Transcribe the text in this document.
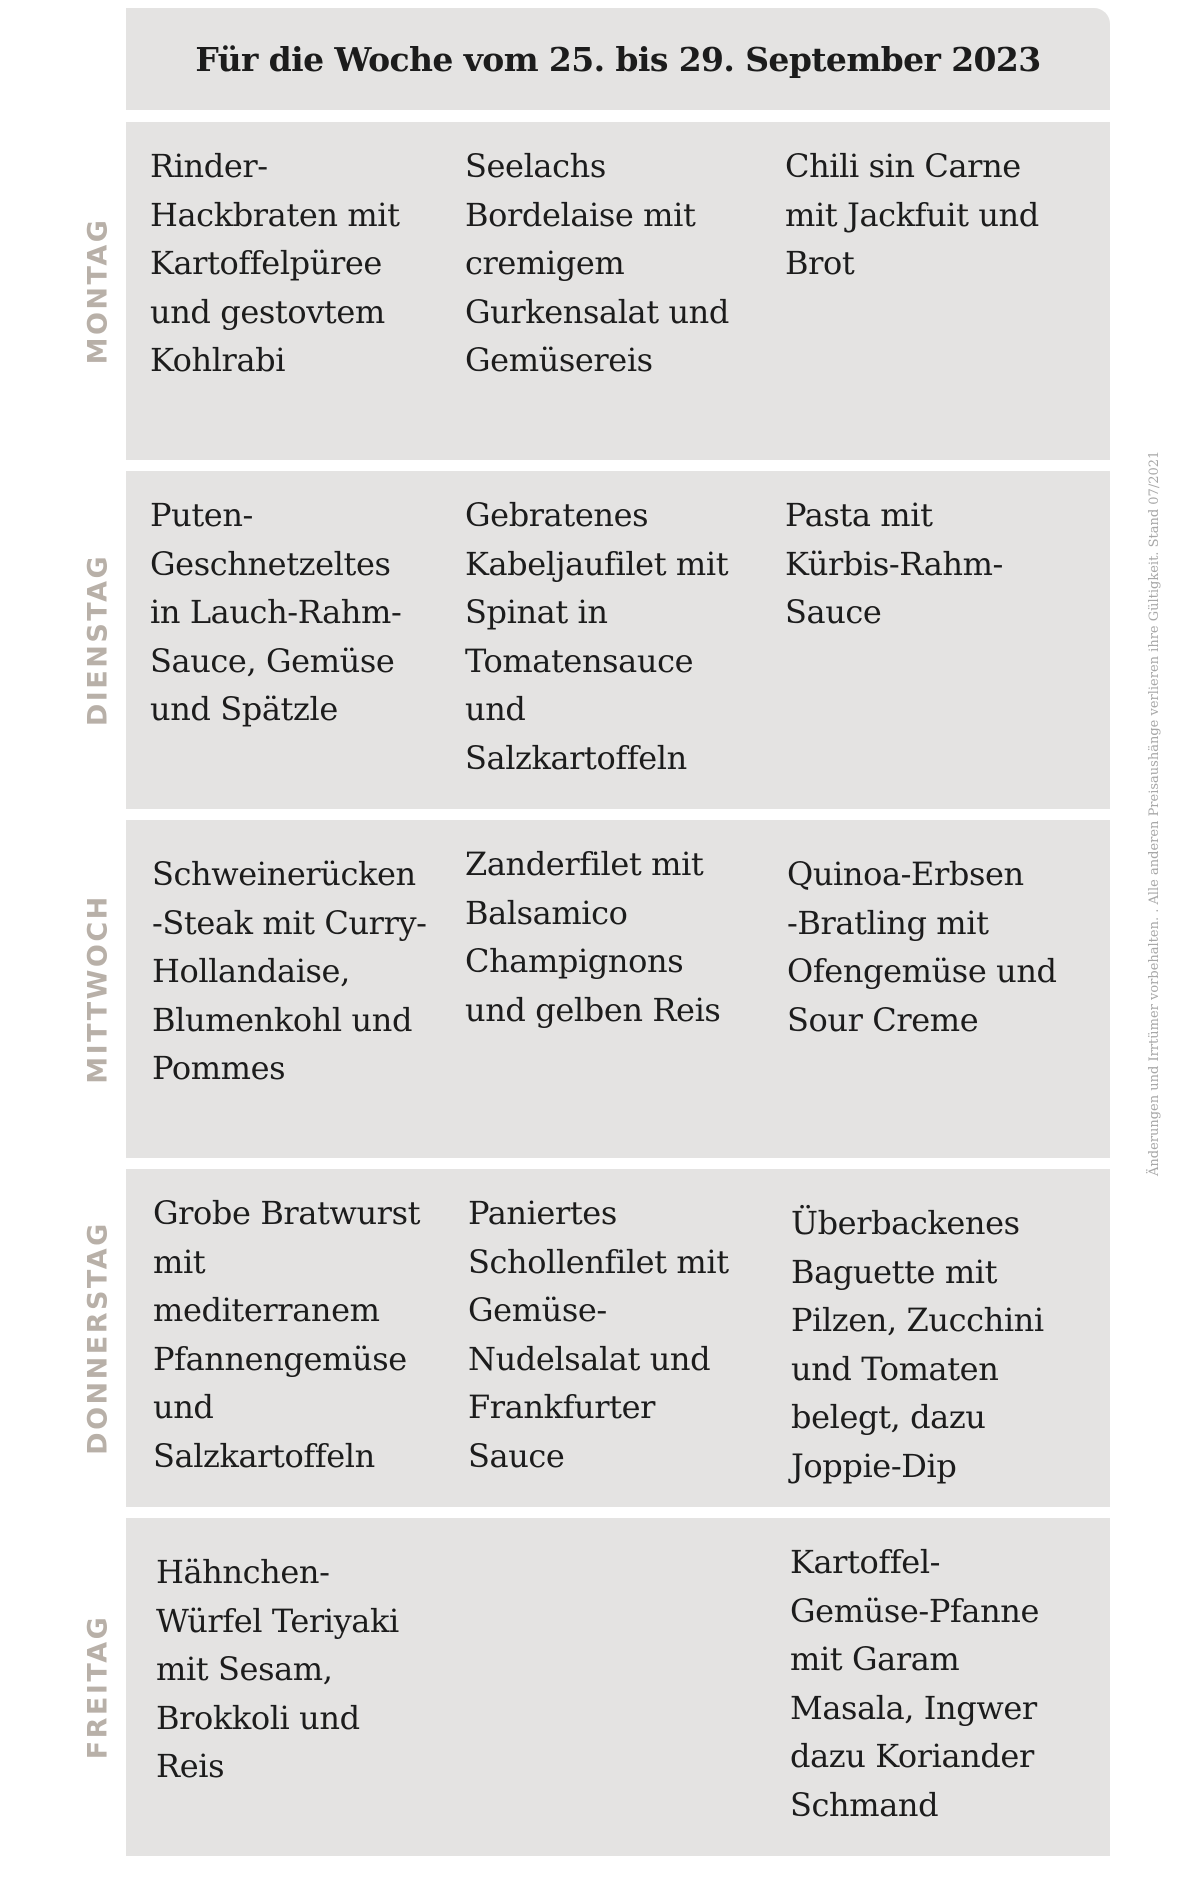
Für die Woche vom 25. bis 29. September 2023
MONTAG
Rinder-
Hackbraten mit
Kartoffelpüree
und gestovtem
Kohlrabi
Seelachs
Bordelaise mit
cremigem
Gurkensalat und
Gemüsereis
Chili sin Carne
mit Jackfuit und
Brot
DIENSTAG
Puten-
Geschnetzeltes
in Lauch-Rahm-
Sauce, Gemüse
und Spätzle
Gebratenes
Kabeljaufilet mit
Spinat in
Tomatensauce
und
Salzkartoffeln
Pasta mit
Kürbis-Rahm-
Sauce
MITTWOCH
Schweinerücken
-Steak mit Curry-
Hollandaise,
Blumenkohl und
Pommes
Zanderfilet mit
Balsamico
Champignons
und gelben Reis
Quinoa-Erbsen
-Bratling mit
Ofengemüse und
Sour Creme
DONNERSTAG
Grobe Bratwurst
mit
mediterranem
Pfannengemüse
und
Salzkartoffeln
Paniertes
Schollenfilet mit
Gemüse-
Nudelsalat und
Frankfurter
Sauce
Überbackenes
Baguette mit
Pilzen, Zucchini
und Tomaten
belegt, dazu
Joppie-Dip
FREITAG
Hähnchen-
Würfel Teriyaki
mit Sesam,
Brokkoli und
Reis
Kartoffel-
Gemüse-Pfanne
mit Garam
Masala, Ingwer
dazu Koriander
Schmand
Änderungen und Irrtümer vorbehalten. . Alle anderen Preisaushänge verlieren ihre Gültigkeit. Stand 07/2021
